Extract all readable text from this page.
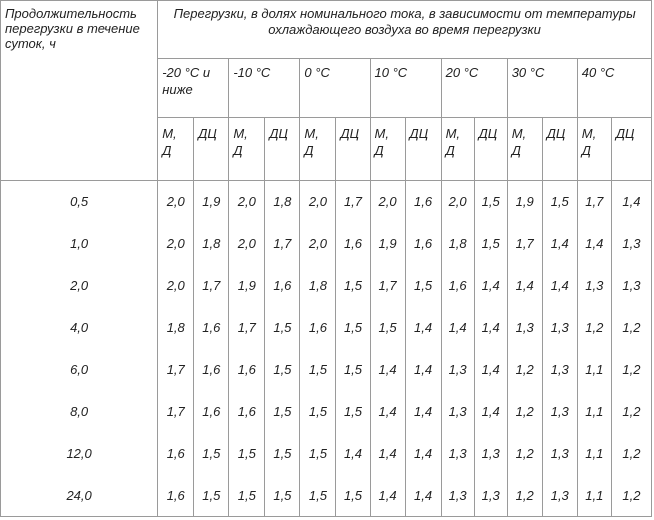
Продолжительность перегрузки в течение суток, ч	Перегрузки, в долях номинального тока, в зависимости от температуры охлаждающего воздуха во время перегрузки													
	-20 °С и ниже		-10 °С		0 °С		10 °С		20 °С		30 °С		40 °С	
	М, Д	ДЦ	М, Д	ДЦ	М, Д	ДЦ	М, Д	ДЦ	М, Д	ДЦ	М, Д	ДЦ	М, Д	ДЦ
0,5	2,0	1,9	2,0	1,8	2,0	1,7	2,0	1,6	2,0	1,5	1,9	1,5	1,7	1,4
1,0	2,0	1,8	2,0	1,7	2,0	1,6	1,9	1,6	1,8	1,5	1,7	1,4	1,4	1,3
2,0	2,0	1,7	1,9	1,6	1,8	1,5	1,7	1,5	1,6	1,4	1,4	1,4	1,3	1,3
4,0	1,8	1,6	1,7	1,5	1,6	1,5	1,5	1,4	1,4	1,4	1,3	1,3	1,2	1,2
6,0	1,7	1,6	1,6	1,5	1,5	1,5	1,4	1,4	1,3	1,4	1,2	1,3	1,1	1,2
8,0	1,7	1,6	1,6	1,5	1,5	1,5	1,4	1,4	1,3	1,4	1,2	1,3	1,1	1,2
12,0	1,6	1,5	1,5	1,5	1,5	1,4	1,4	1,4	1,3	1,3	1,2	1,3	1,1	1,2
24,0	1,6	1,5	1,5	1,5	1,5	1,5	1,4	1,4	1,3	1,3	1,2	1,3	1,1	1,2
